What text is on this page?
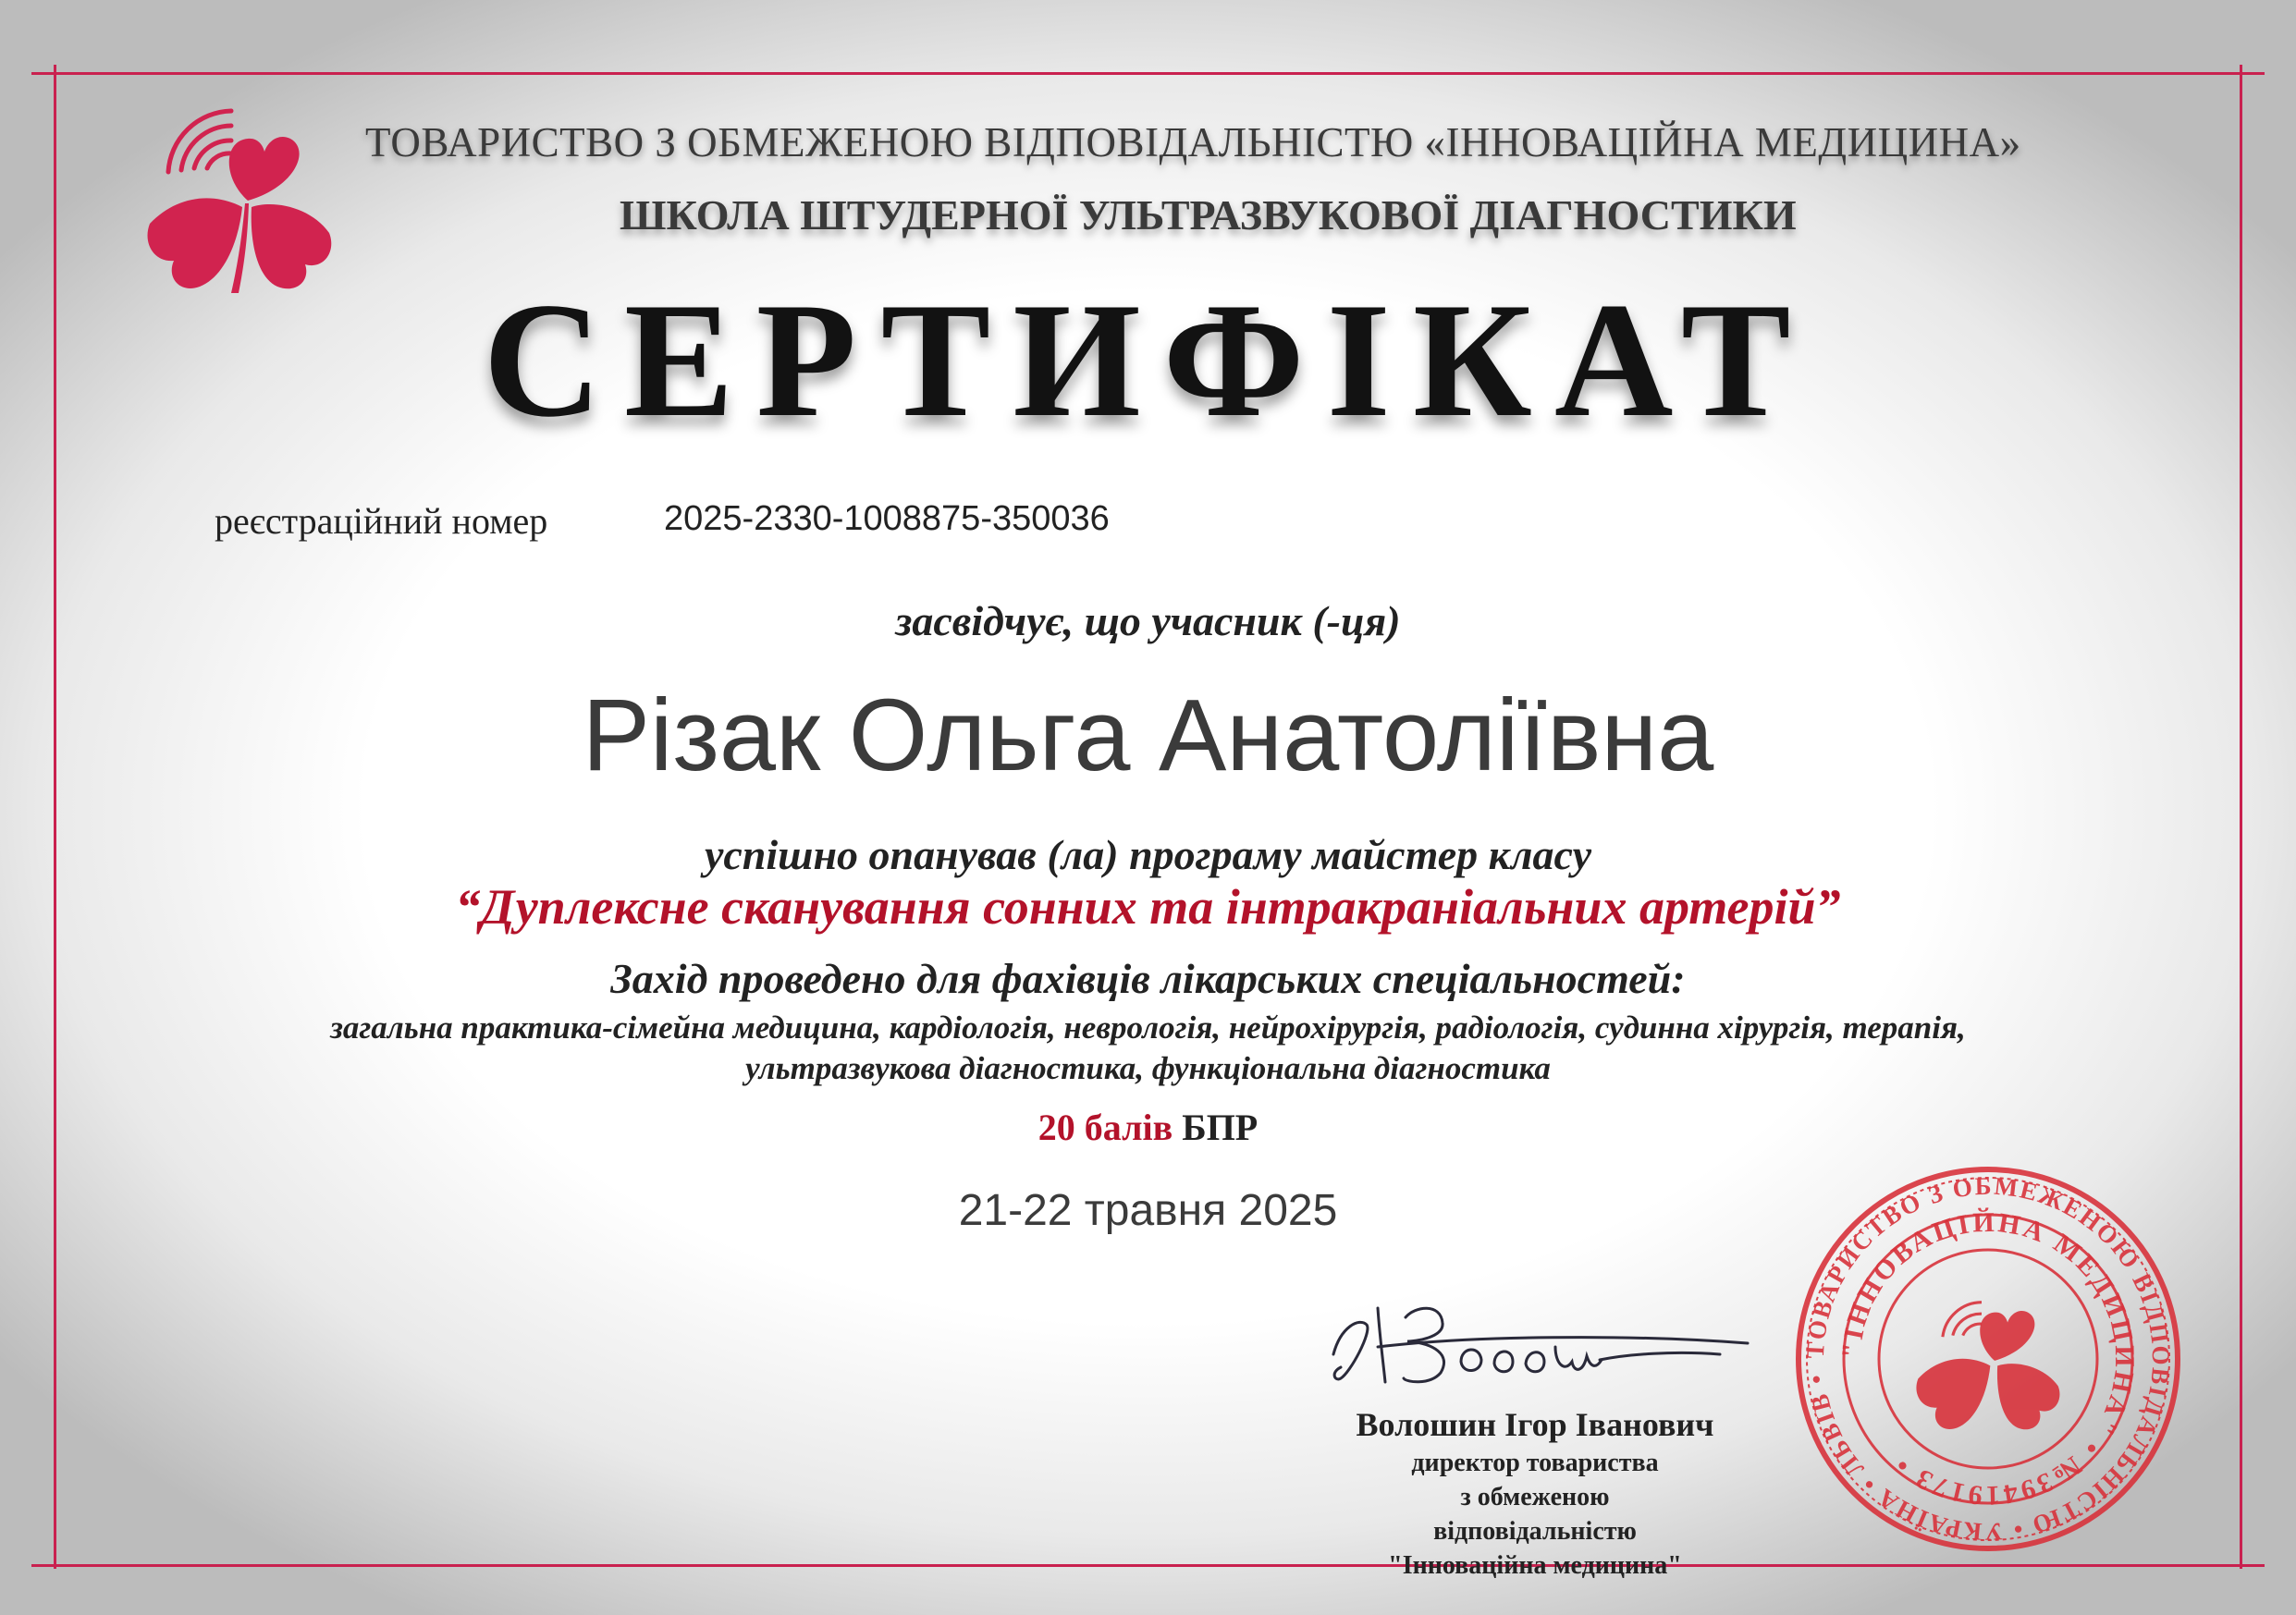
ТОВАРИСТВО З ОБМЕЖЕНОЮ ВІДПОВІДАЛЬНІСТЮ «ІННОВАЦІЙНА МЕДИЦИНА»
ШКОЛА ШТУДЕРНОЇ УЛЬТРАЗВУКОВОЇ ДІАГНОСТИКИ
СЕРТИФІКАТ
реєстраційний номер	2025-2330-1008875-350036
засвідчує, що учасник (-ця)
Різак Ольга Анатоліївна
успішно опанував (ла) програму майстер класу
“Дуплексне сканування сонних та інтракраніальних артерій”
Захід проведено для фахівців лікарських спеціальностей:
загальна практика-сімейна медицина, кардіологія, неврологія, нейрохірургія, радіологія, судинна хірургія, терапія,
ультразвукова діагностика, функціональна діагностика
20 балів БПР
21-22 травня 2025
Волошин Ігор Іванович
директор товариства
з обмеженою
відповідальністю
"Інноваційна медицина"
ТОВАРИСТВО З ОБМЕЖЕНОЮ ВІДПОВІДАЛЬНІСТЮ • УКРАЇНА • ЛЬВІВ •
"ІННОВАЦІЙНА МЕДИЦИНА" • №39419173 •
